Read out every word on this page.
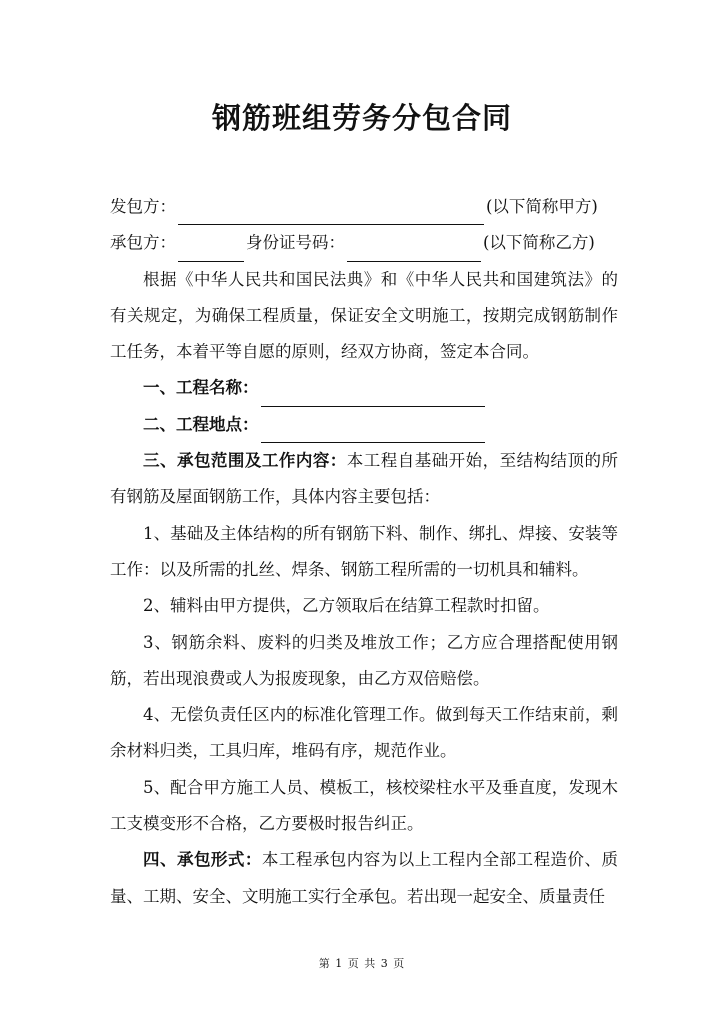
钢筋班组劳务分包合同

发包方：	(以下简称甲方)

承包方：	身份证号码：	(以下简称乙方)

根据《中华人民共和国民法典》和《中华人民共和国建筑法》的有关规定，为确保工程质量，保证安全文明施工，按期完成钢筋制作工任务，本着平等自愿的原则，经双方协商，签定本合同。

一、工程名称：

二、工程地点：

三、承包范围及工作内容：本工程自基础开始，至结构结顶的所有钢筋及屋面钢筋工作，具体内容主要包括：

1、基础及主体结构的所有钢筋下料、制作、绑扎、焊接、安装等工作：以及所需的扎丝、焊条、钢筋工程所需的一切机具和辅料。

2、辅料由甲方提供，乙方领取后在结算工程款时扣留。

3、钢筋余料、废料的归类及堆放工作；乙方应合理搭配使用钢筋，若出现浪费或人为报废现象，由乙方双倍赔偿。

4、无偿负责任区内的标准化管理工作。做到每天工作结束前，剩余材料归类，工具归库，堆码有序，规范作业。

5、配合甲方施工人员、模板工，核校梁柱水平及垂直度，发现木工支模变形不合格，乙方要极时报告纠正。

四、承包形式：本工程承包内容为以上工程内全部工程造价、质量、工期、安全、文明施工实行全承包。若出现一起安全、质量责任

第 1 页 共 3 页
